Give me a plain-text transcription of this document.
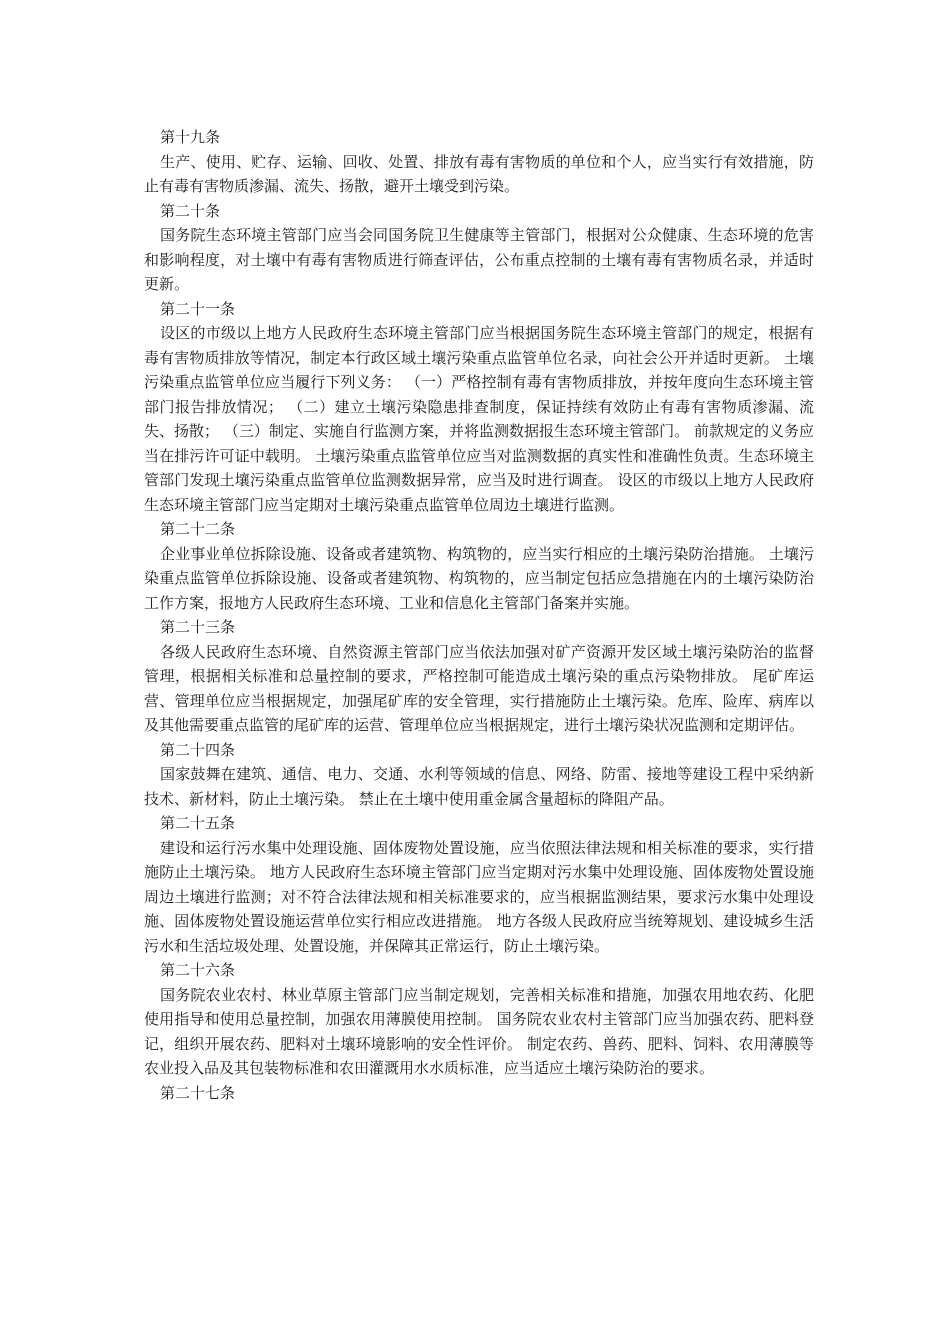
第十九条

生产、使用、贮存、运输、回收、处置、排放有毒有害物质的单位和个人，应当实行有效措施，防止有毒有害物质渗漏、流失、扬散，避开土壤受到污染。

第二十条

国务院生态环境主管部门应当会同国务院卫生健康等主管部门，根据对公众健康、生态环境的危害和影响程度，对土壤中有毒有害物质进行筛查评估，公布重点控制的土壤有毒有害物质名录，并适时更新。

第二十一条

设区的市级以上地方人民政府生态环境主管部门应当根据国务院生态环境主管部门的规定，根据有毒有害物质排放等情况，制定本行政区域土壤污染重点监管单位名录，向社会公开并适时更新。 土壤污染重点监管单位应当履行下列义务： （一）严格控制有毒有害物质排放，并按年度向生态环境主管部门报告排放情况； （二）建立土壤污染隐患排查制度，保证持续有效防止有毒有害物质渗漏、流失、扬散； （三）制定、实施自行监测方案，并将监测数据报生态环境主管部门。 前款规定的义务应当在排污许可证中载明。 土壤污染重点监管单位应当对监测数据的真实性和准确性负责。生态环境主管部门发现土壤污染重点监管单位监测数据异常，应当及时进行调查。 设区的市级以上地方人民政府生态环境主管部门应当定期对土壤污染重点监管单位周边土壤进行监测。

第二十二条

企业事业单位拆除设施、设备或者建筑物、构筑物的，应当实行相应的土壤污染防治措施。 土壤污染重点监管单位拆除设施、设备或者建筑物、构筑物的，应当制定包括应急措施在内的土壤污染防治工作方案，报地方人民政府生态环境、工业和信息化主管部门备案并实施。

第二十三条

各级人民政府生态环境、自然资源主管部门应当依法加强对矿产资源开发区域土壤污染防治的监督管理，根据相关标准和总量控制的要求，严格控制可能造成土壤污染的重点污染物排放。 尾矿库运营、管理单位应当根据规定，加强尾矿库的安全管理，实行措施防止土壤污染。危库、险库、病库以及其他需要重点监管的尾矿库的运营、管理单位应当根据规定，进行土壤污染状况监测和定期评估。

第二十四条

国家鼓舞在建筑、通信、电力、交通、水利等领域的信息、网络、防雷、接地等建设工程中采纳新技术、新材料，防止土壤污染。 禁止在土壤中使用重金属含量超标的降阻产品。

第二十五条

建设和运行污水集中处理设施、固体废物处置设施，应当依照法律法规和相关标准的要求，实行措施防止土壤污染。 地方人民政府生态环境主管部门应当定期对污水集中处理设施、固体废物处置设施周边土壤进行监测；对不符合法律法规和相关标准要求的，应当根据监测结果，要求污水集中处理设施、固体废物处置设施运营单位实行相应改进措施。 地方各级人民政府应当统筹规划、建设城乡生活污水和生活垃圾处理、处置设施，并保障其正常运行，防止土壤污染。

第二十六条

国务院农业农村、林业草原主管部门应当制定规划，完善相关标准和措施，加强农用地农药、化肥使用指导和使用总量控制，加强农用薄膜使用控制。 国务院农业农村主管部门应当加强农药、肥料登记，组织开展农药、肥料对土壤环境影响的安全性评价。 制定农药、兽药、肥料、饲料、农用薄膜等农业投入品及其包装物标准和农田灌溉用水水质标准，应当适应土壤污染防治的要求。

第二十七条
